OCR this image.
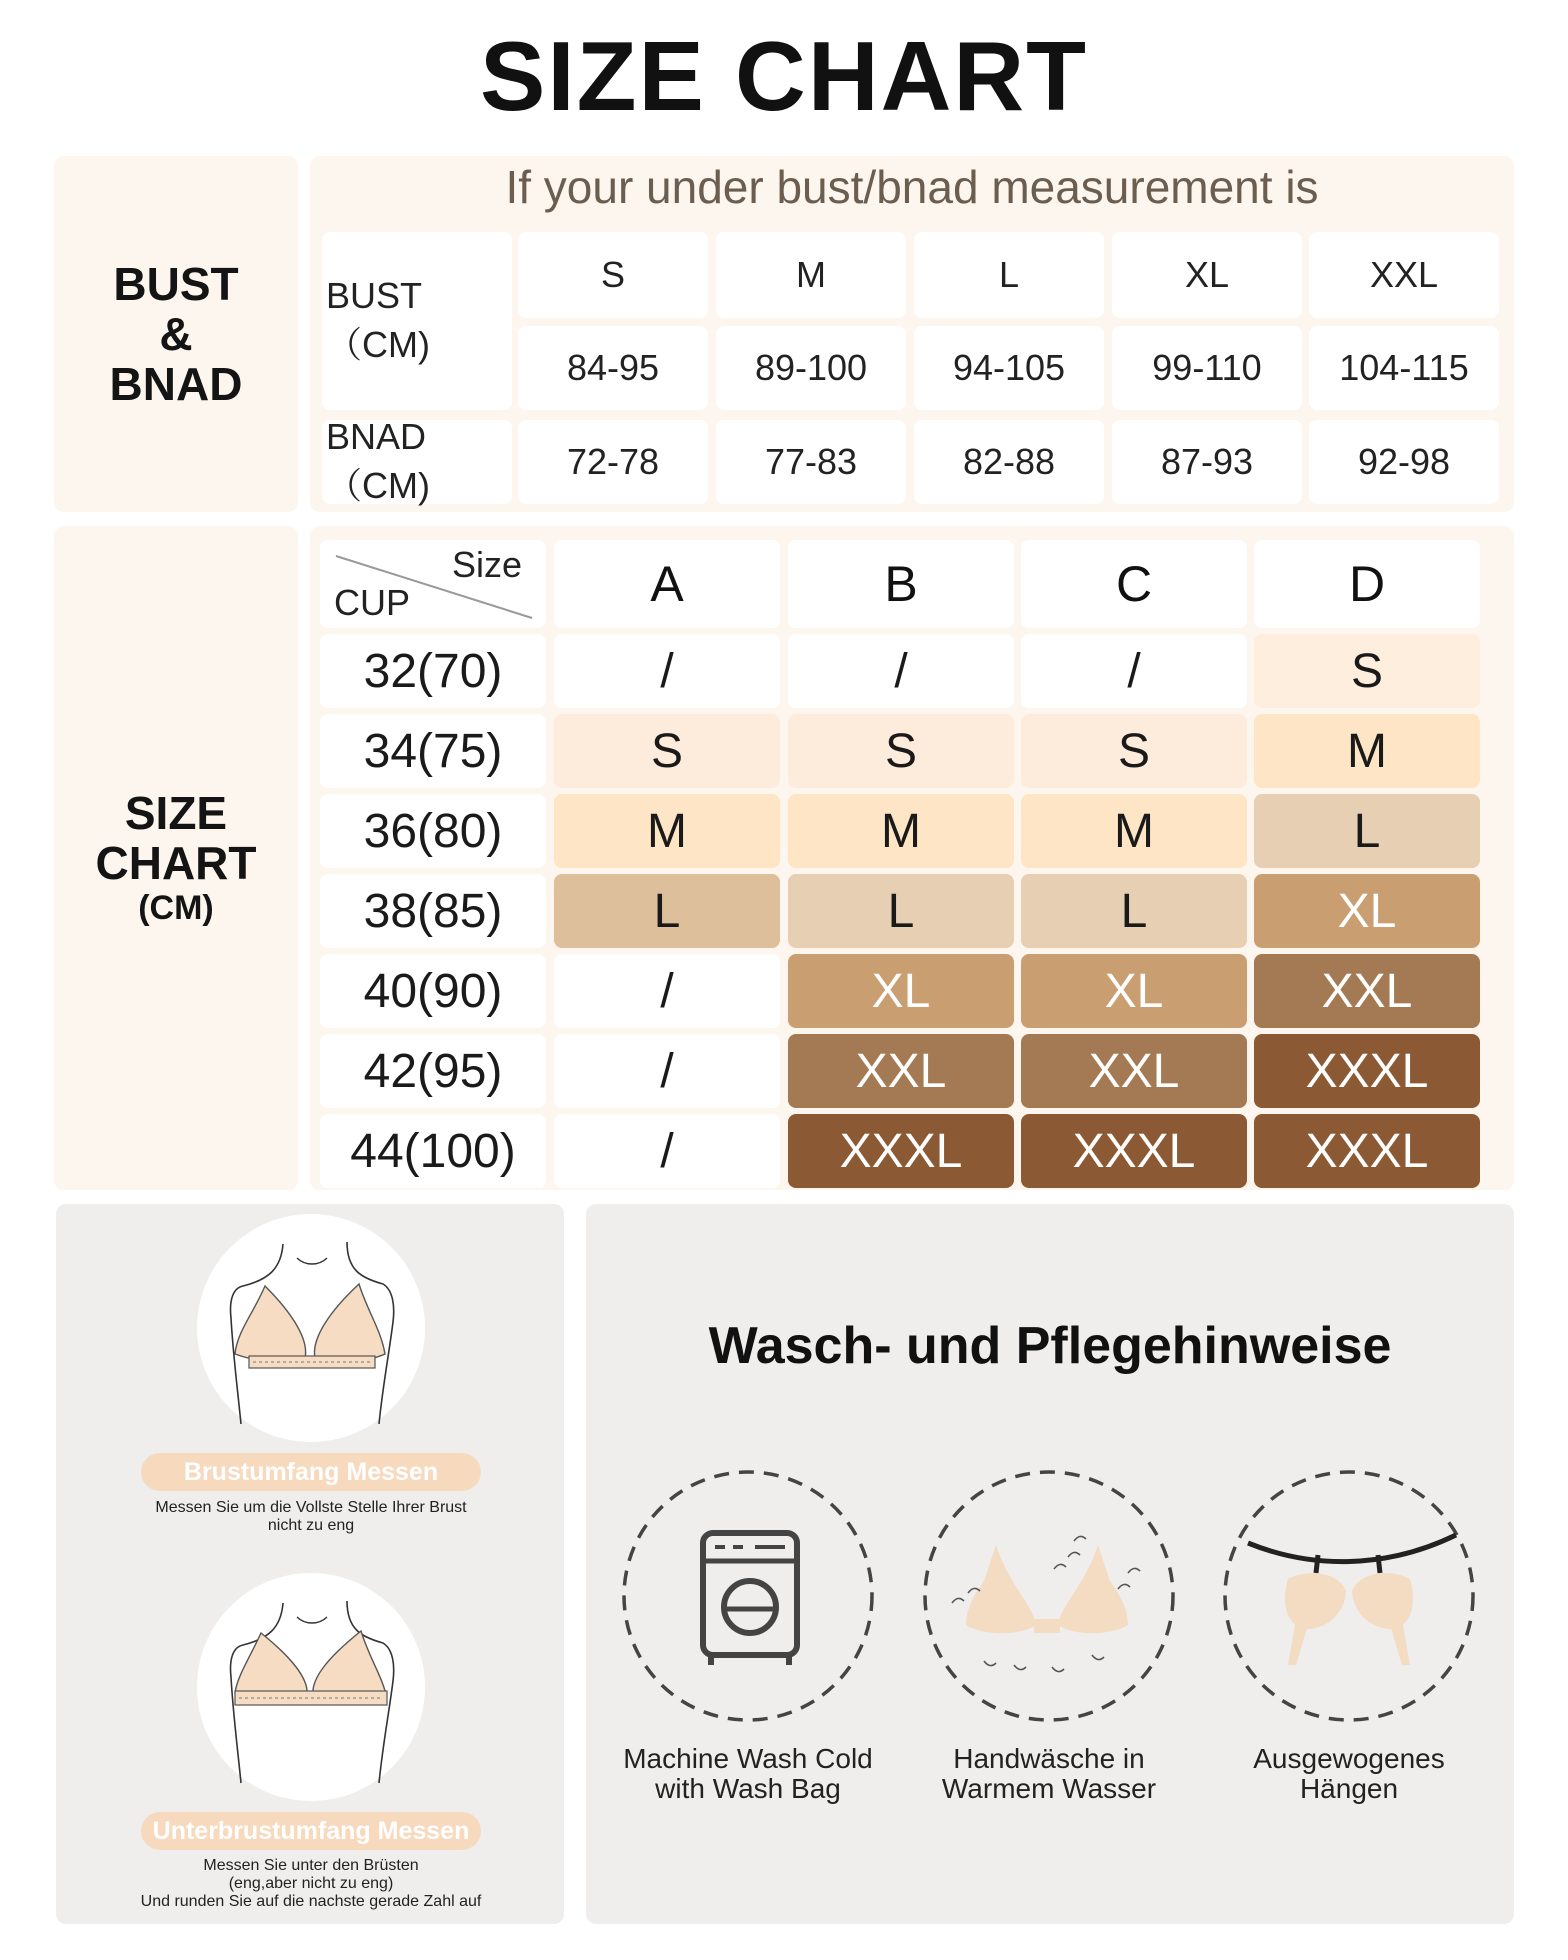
SIZE CHART
BUST
&
BNAD
If your under bust/bnad measurement is
S	M	L	XL	XXL
BUST（CM)
84-95	89-100	94-105	99-110	104-115
BNAD（CM)
72-78	77-83	82-88	87-93	92-98
SIZE
CHART
(CM)
Size
CUP	A	B	C	D
32(70)	/	/	/	S
34(75)	S	S	S	M
36(80)	M	M	M	L
38(85)	L	L	L	XL
40(90)	/	XL	XL	XXL
42(95)	/	XXL	XXL	XXXL
44(100)	/	XXXL	XXXL	XXXL
Brustumfang Messen
Messen Sie um die Vollste Stelle Ihrer Brust
nicht zu eng
Unterbrustumfang Messen
Messen Sie unter den Brüsten
(eng,aber nicht zu eng)
Und runden Sie auf die nachste gerade Zahl auf
Wasch- und Pflegehinweise
Machine Wash Cold
with Wash Bag
Handwäsche in
Warmem Wasser
Ausgewogenes
Hängen
